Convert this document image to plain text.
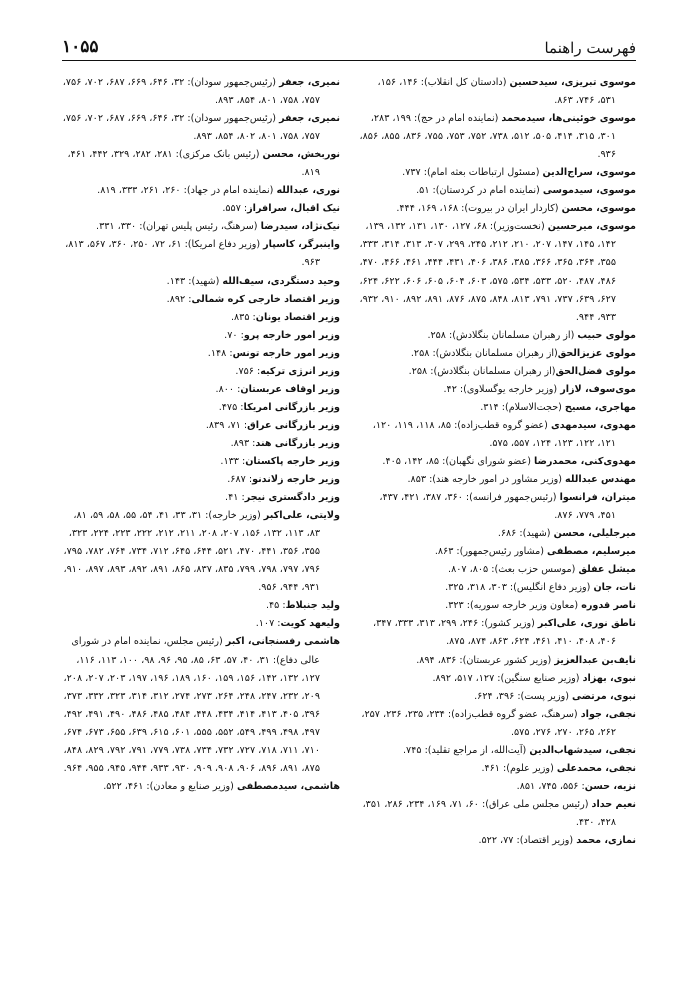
فهرست راهنما
۱۰۵۵

موسوی تبریزی، سیدحسین (دادستان کل انقلاب): ۱۴۶، ۱۵۶، ۵۳۱، ۷۴۶، ۸۶۳.

موسوی خوئینی‌ها، سیدمحمد (نماینده امام در حج): ۱۹۹، ۲۸۳، ۳۰۱، ۳۱۵، ۴۱۴، ۵۰۵، ۵۱۲، ۷۳۸، ۷۵۲، ۷۵۳، ۷۵۵، ۸۳۶، ۸۵۵، ۸۵۶، ۹۳۶.

موسوی، سراج‌الدین (مسئول ارتباطات بعثه امام): ۷۳۷.

موسوی، سیدموسی (نماینده امام در کردستان): ۵۱.

موسوی، محسن (کاردار ایران در بیروت): ۱۶۸، ۱۶۹، ۴۴۴.

موسوی، میرحسین (نخست‌وزیر): ۶۸، ۱۲۷، ۱۳۰، ۱۳۱، ۱۳۲، ۱۳۹، ۱۴۲، ۱۴۵، ۱۴۷، ۲۰۷، ۲۱۰، ۲۱۲، ۲۴۵، ۲۹۹، ۳۰۷، ۳۱۳، ۳۱۴، ۳۳۳، ۳۵۵، ۳۶۴، ۳۶۵، ۳۶۶، ۳۸۵، ۳۸۶، ۴۰۶، ۴۳۱، ۴۴۴، ۴۶۱، ۴۶۶، ۴۷۰، ۴۸۶، ۴۸۷، ۵۲۰، ۵۳۳، ۵۳۴، ۵۷۵، ۶۰۳، ۶۰۴، ۶۰۵، ۶۰۶، ۶۲۲، ۶۲۴، ۶۲۷، ۶۳۹، ۷۳۷، ۷۹۱، ۸۱۳، ۸۴۸، ۸۷۵، ۸۷۶، ۸۹۱، ۸۹۲، ۹۱۰، ۹۳۲، ۹۳۳، ۹۴۴.

مولوی حبیب (از رهبران مسلمانان بنگلادش): ۲۵۸.

مولوی عزیزالحق(از رهبران مسلمانان بنگلادش): ۲۵۸.

مولوی فضل‌الحق(از رهبران مسلمانان بنگلادش): ۲۵۸.

موی‌سوف، لازار (وزیر خارجه یوگسلاوی): ۴۲.

مهاجری، مسیح (حجت‌الاسلام): ۳۱۴.

مهدوی، سیدمهدی (عضو گروه قطب‌زاده): ۸۵، ۱۱۸، ۱۱۹، ۱۲۰، ۱۲۱، ۱۲۲، ۱۲۳، ۱۲۴، ۵۵۷، ۵۷۵.

مهدوی‌کنی، محمدرضا (عضو شورای نگهبان): ۸۵، ۱۴۲، ۴۰۵.

مهندس عبدالله (وزیر مشاور در امور خارجه هند): ۸۵۳.

میتران، فرانسوا (رئیس‌جمهور فرانسه): ۳۶۰، ۳۸۷، ۴۲۱، ۴۳۷، ۴۵۱، ۷۷۹، ۸۷۶.

میرجلیلی، محسن (شهید): ۶۸۶.

میرسلیم، مصطفی (مشاور رئیس‌جمهور): ۸۶۳.

میشل عفلق (موسس حزب بعث): ۸۰۵، ۸۰۷.

نات، جان (وزیر دفاع انگلیس): ۳۰۳، ۳۱۸، ۳۲۵.

ناصر قدوره (معاون وزیر خارجه سوریه): ۳۲۳.

ناطق نوری، علی‌اکبر (وزیر کشور): ۲۴۶، ۲۹۹، ۳۱۳، ۳۳۳، ۳۴۷، ۴۰۶، ۴۰۸، ۴۱۰، ۴۶۱، ۶۲۴، ۸۶۳، ۸۷۴، ۸۷۵.

نایف‌بن عبدالعزیز (وزیر کشور عربستان): ۸۳۶، ۸۹۴.

نبوی، بهزاد (وزیر صنایع سنگین): ۱۲۷، ۵۱۷، ۸۹۲.

نبوی، مرتضی (وزیر پست): ۳۹۶، ۶۲۴.

نجفی، جواد (سرهنگ، عضو گروه قطب‌زاده): ۲۳۴، ۲۳۵، ۲۳۶، ۲۵۷، ۲۶۲، ۲۶۵، ۲۷۰، ۲۷۶، ۵۷۵.

نجفی، سیدشهاب‌الدین (آیت‌الله، از مراجع تقلید): ۷۴۵.

نجفی، محمدعلی (وزیر علوم): ۴۶۱.

نزیه، حسن: ۵۵۶، ۷۴۵، ۸۵۱.

نعیم حداد (رئیس مجلس ملی عراق): ۶۰، ۷۱، ۱۶۹، ۲۳۴، ۲۸۶، ۳۵۱، ۴۲۸، ۴۳۰.

نمازی، محمد (وزیر اقتصاد): ۷۷، ۵۲۲.

نمیری، جعفر (رئیس‌جمهور سودان): ۳۲، ۶۴۶، ۶۶۹، ۶۸۷، ۷۰۲، ۷۵۶، ۷۵۷، ۷۵۸، ۸۰۱، ۸۵۴، ۸۹۳.

نمیری، جعفر (رئیس‌جمهور سودان): ۳۲، ۶۴۶، ۶۶۹، ۶۸۷، ۷۰۲، ۷۵۶، ۷۵۷، ۷۵۸، ۸۰۱، ۸۰۲، ۸۵۴، ۸۹۳.

نوربخش، محسن (رئیس بانک مرکزی): ۲۸۱، ۲۸۲، ۳۲۹، ۴۴۲، ۴۶۱، ۸۱۹.

نوری، عبدالله (نماینده امام در جهاد): ۲۶۰، ۲۶۱، ۳۳۳، ۸۱۹.

نیک اقبال، سرافراز: ۵۵۷.

نیک‌نژاد، سیدرضا (سرهنگ، رئیس پلیس تهران): ۳۳۰، ۳۳۱.

واینبرگر، کاسپار (وزیر دفاع امریکا): ۶۱، ۷۲، ۲۵۰، ۳۶۰، ۵۶۷، ۸۱۳، ۹۶۳.

وحید دستگردی، سیف‌الله (شهید): ۱۴۳.

وزیر اقتصاد خارجی کره شمالی: ۸۹۲.

وزیر اقتصاد یونان: ۸۳۵.

وزیر امور خارجه پرو: ۷۰.

وزیر امور خارجه تونس: ۱۴۸.

وزیر انرژی ترکیه: ۷۵۶.

وزیر اوقاف عربستان: ۸۰۰.

وزیر بازرگانی امریکا: ۴۷۵.

وزیر بازرگانی عراق: ۷۱، ۸۳۹.

وزیر بازرگانی هند: ۸۹۳.

وزیر خارجه پاکستان: ۱۳۳.

وزیر خارجه زلاندنو: ۶۸۷.

وزیر دادگستری نیجر: ۴۱.

ولایتی، علی‌اکبر (وزیر خارجه): ۳۱، ۳۳، ۴۱، ۵۴، ۵۵، ۵۸، ۵۹، ۸۱، ۸۳، ۱۱۳، ۱۳۲، ۱۵۶، ۲۰۷، ۲۰۸، ۲۱۱، ۲۱۲، ۲۲۲، ۲۲۳، ۲۲۴، ۳۲۳، ۳۵۵، ۳۵۶، ۴۴۱، ۴۷۰، ۵۲۱، ۶۴۴، ۶۴۵، ۷۱۲، ۷۳۴، ۷۶۴، ۷۸۲، ۷۹۵، ۷۹۶، ۷۹۷، ۷۹۸، ۷۹۹، ۸۳۵، ۸۳۷، ۸۶۵، ۸۹۱، ۸۹۲، ۸۹۳، ۸۹۷، ۹۱۰، ۹۳۱، ۹۴۴، ۹۵۶.

ولید جنبلاط: ۴۵.

ولیعهد کویت: ۱۰۷.

هاشمی رفسنجانی، اکبر (رئیس مجلس، نماینده امام در شورای عالی دفاع): ۳۱، ۴۰، ۵۷، ۶۳، ۸۵، ۹۵، ۹۶، ۹۸، ۱۰۰، ۱۱۳، ۱۱۶، ۱۲۷، ۱۳۲، ۱۴۲، ۱۵۶، ۱۵۹، ۱۶۰، ۱۸۹، ۱۹۶، ۱۹۷، ۲۰۳، ۲۰۷، ۲۰۸، ۲۰۹، ۲۳۲، ۲۴۷، ۲۴۸، ۲۶۴، ۲۷۳، ۲۷۴، ۳۱۲، ۳۱۴، ۳۲۳، ۳۳۲، ۳۷۳، ۳۹۶، ۴۰۵، ۴۱۳، ۴۱۴، ۴۳۴، ۴۴۸، ۴۸۴، ۴۸۵، ۴۸۶، ۴۹۰، ۴۹۱، ۴۹۲، ۴۹۷، ۴۹۸، ۴۹۹، ۵۴۹، ۵۵۲، ۵۵۵، ۶۰۱، ۶۱۵، ۶۳۹، ۶۵۵، ۶۷۳، ۶۷۴، ۷۱۰، ۷۱۱، ۷۱۸، ۷۲۷، ۷۳۲، ۷۳۴، ۷۳۸، ۷۷۹، ۷۹۱، ۷۹۲، ۸۲۹، ۸۴۸، ۸۷۵، ۸۹۱، ۸۹۶، ۹۰۶، ۹۰۸، ۹۰۹، ۹۳۰، ۹۳۳، ۹۴۴، ۹۴۵، ۹۵۵، ۹۶۴.

هاشمی، سیدمصطفی (وزیر صنایع و معادن): ۴۶۱، ۵۲۲.
